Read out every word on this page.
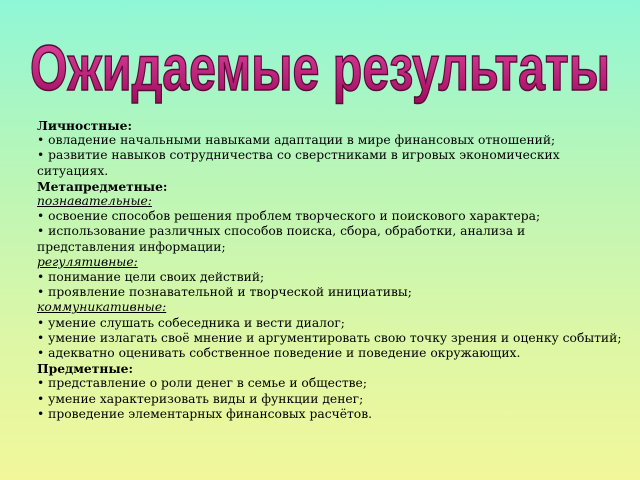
Ожидаемые результаты
Личностные:
• овладение начальными навыками адаптации в мире финансовых отношений;
• развитие навыков сотрудничества со сверстниками в игровых экономических ситуациях.
Метапредметные:
познавательные:
• освоение способов решения проблем творческого и поискового характера;
• использование различных способов поиска, сбора, обработки, анализа и представления информации;
регулятивные:
• понимание цели своих действий;
• проявление познавательной и творческой инициативы;
коммуникативные:
• умение слушать собеседника и вести диалог;
• умение излагать своё мнение и аргументировать свою точку зрения и оценку событий;
• адекватно оценивать собственное поведение и поведение окружающих.
Предметные:
• представление о роли денег в семье и обществе;
• умение характеризовать виды и функции денег;
• проведение элементарных финансовых расчётов.
